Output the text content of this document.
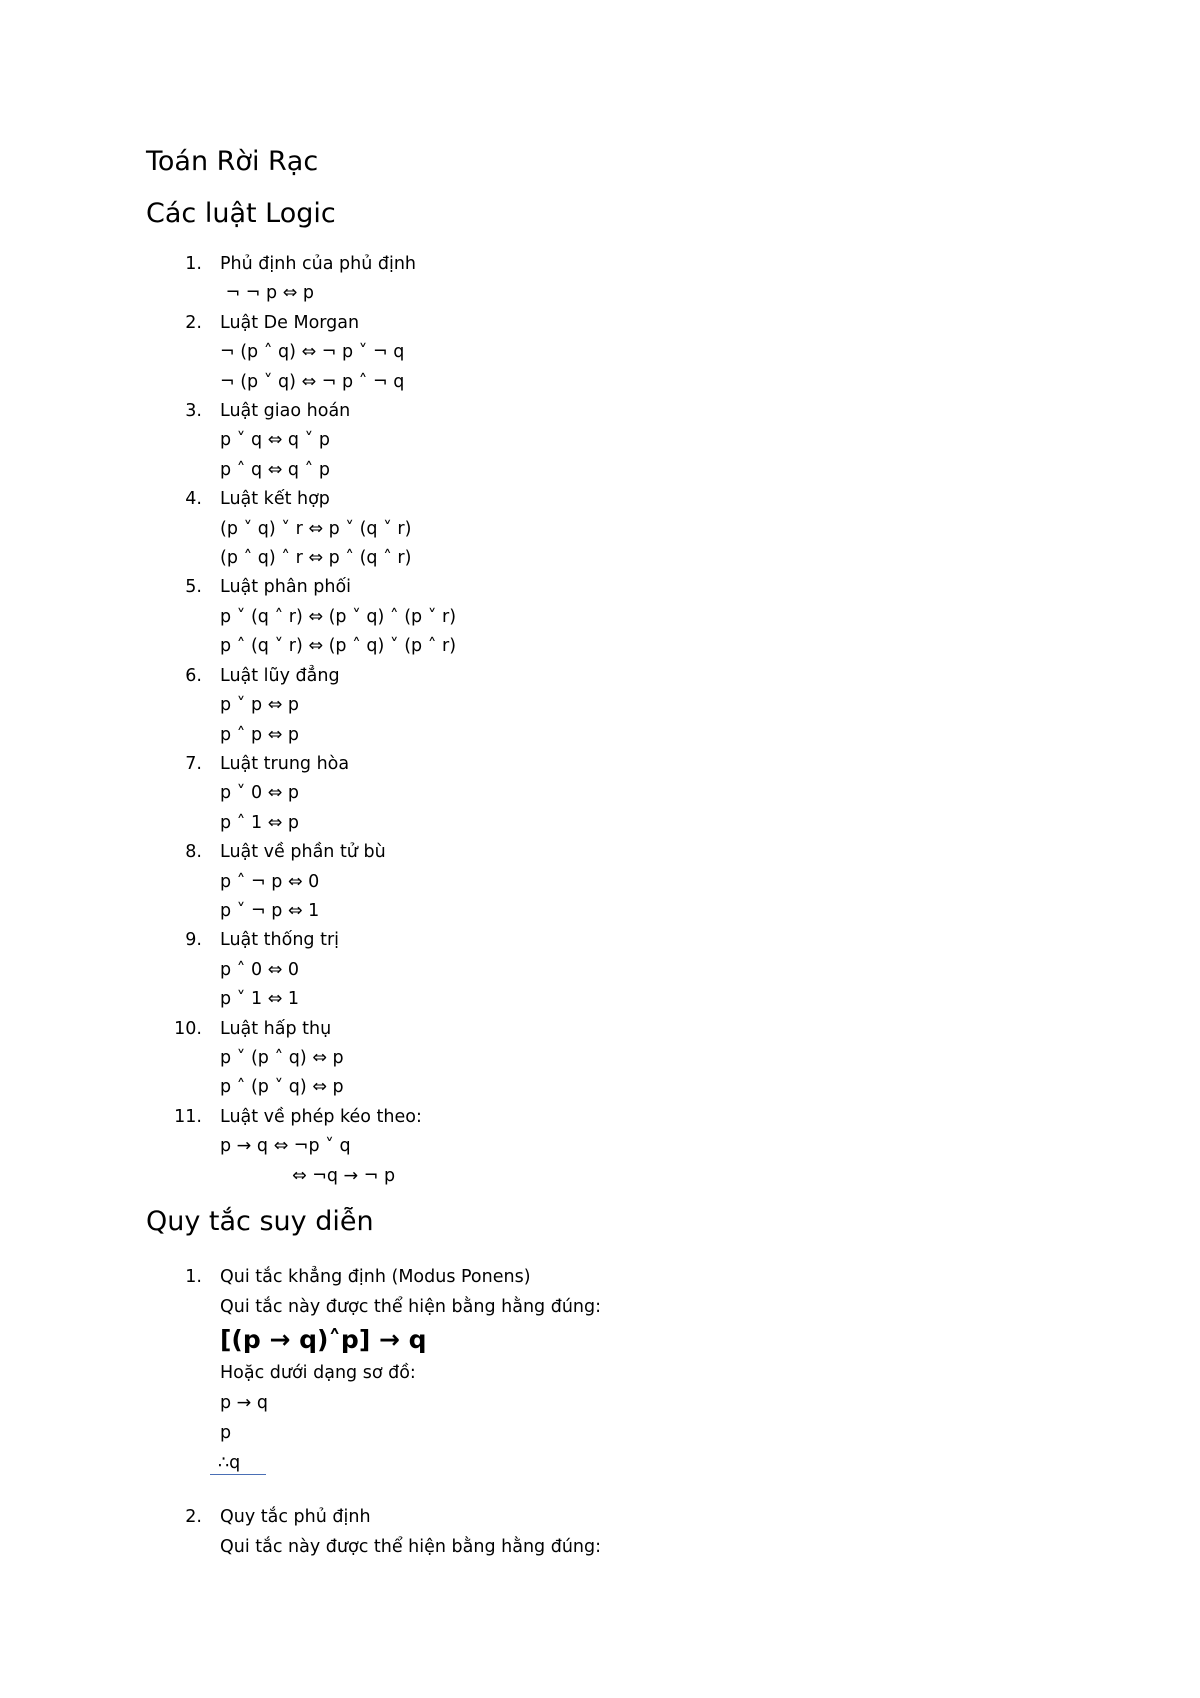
Toán Rời Rạc
Các luật Logic
1. Phủ định của phủ định
¬ ¬ p ⇔ p
2. Luật De Morgan
¬ (p ˄ q) ⇔ ¬ p ˅ ¬ q
¬ (p ˅ q) ⇔ ¬ p ˄ ¬ q
3. Luật giao hoán
p ˅ q ⇔ q ˅ p
p ˄ q ⇔ q ˄ p
4. Luật kết hợp
(p ˅ q) ˅ r ⇔ p ˅ (q ˅ r)
(p ˄ q) ˄ r ⇔ p ˄ (q ˄ r)
5. Luật phân phối
p ˅ (q ˄ r) ⇔ (p ˅ q) ˄ (p ˅ r)
p ˄ (q ˅ r) ⇔ (p ˄ q) ˅ (p ˄ r)
6. Luật lũy đẳng
p ˅ p ⇔ p
p ˄ p ⇔ p
7. Luật trung hòa
p ˅ 0 ⇔ p
p ˄ 1 ⇔ p
8. Luật về phần tử bù
p ˄ ¬ p ⇔ 0
p ˅ ¬ p ⇔ 1
9. Luật thống trị
p ˄ 0 ⇔ 0
p ˅ 1 ⇔ 1
10. Luật hấp thụ
p ˅ (p ˄ q) ⇔ p
p ˄ (p ˅ q) ⇔ p
11. Luật về phép kéo theo:
p → q ⇔ ¬p ˅ q
⇔ ¬q → ¬ p
Quy tắc suy diễn
1. Qui tắc khẳng định (Modus Ponens)
Qui tắc này được thể hiện bằng hằng đúng:
[(p → q)˄p] → q
Hoặc dưới dạng sơ đồ:
p → q
p
∴q
2. Quy tắc phủ định
Qui tắc này được thể hiện bằng hằng đúng:
